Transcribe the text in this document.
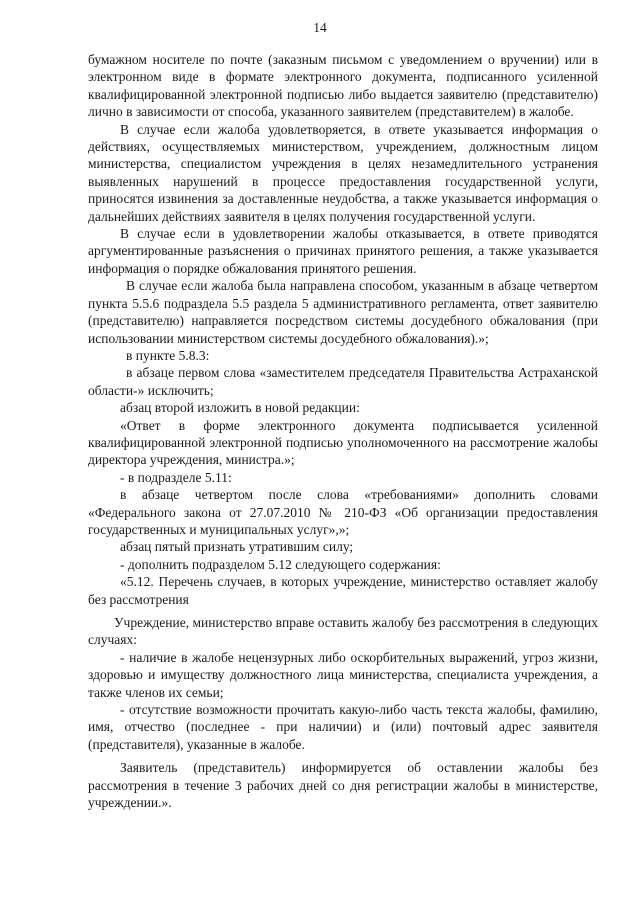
14

бумажном носителе по почте (заказным письмом с уведомлением о вручении) или в электронном виде в формате электронного документа, подписанного усиленной квалифицированной электронной подписью либо выдается заявителю (представителю) лично в зависимости от способа, указанного заявителем (представителем) в жалобе.

В случае если жалоба удовлетворяется, в ответе указывается информация о действиях, осуществляемых министерством, учреждением, должностным лицом министерства, специалистом учреждения в целях незамедлительного устранения выявленных нарушений в процессе предоставления государственной услуги, приносятся извинения за доставленные неудобства, а также указывается информация о дальнейших действиях заявителя в целях получения государственной услуги.

В случае если в удовлетворении жалобы отказывается, в ответе приводятся аргументированные разъяснения о причинах принятого решения, а также указывается информация о порядке обжалования принятого решения.

В случае если жалоба была направлена способом, указанным в абзаце четвертом пункта 5.5.6 подраздела 5.5 раздела 5 административного регламента, ответ заявителю (представителю) направляется посредством системы досудебного обжалования (при использовании министерством системы досудебного обжалования).»;

в пункте 5.8.3:

в абзаце первом слова «заместителем председателя Правительства Астраханской области-» исключить;

абзац второй изложить в новой редакции:

«Ответ в форме электронного документа подписывается усиленной квалифицированной электронной подписью уполномоченного на рассмотрение жалобы директора учреждения, министра.»;

- в подразделе 5.11:

в абзаце четвертом после слова «требованиями» дополнить словами «Федерального закона от 27.07.2010 № 210-ФЗ «Об организации предоставления государственных и муниципальных услуг»,»;

абзац пятый признать утратившим силу;

- дополнить подразделом 5.12 следующего содержания:

«5.12. Перечень случаев, в которых учреждение, министерство оставляет жалобу без рассмотрения

Учреждение, министерство вправе оставить жалобу без рассмотрения в следующих случаях:

- наличие в жалобе нецензурных либо оскорбительных выражений, угроз жизни, здоровью и имуществу должностного лица министерства, специалиста учреждения, а также членов их семьи;

- отсутствие возможности прочитать какую-либо часть текста жалобы, фамилию, имя, отчество (последнее - при наличии) и (или) почтовый адрес заявителя (представителя), указанные в жалобе.

Заявитель (представитель) информируется об оставлении жалобы без рассмотрения в течение 3 рабочих дней со дня регистрации жалобы в министерстве, учреждении.».
